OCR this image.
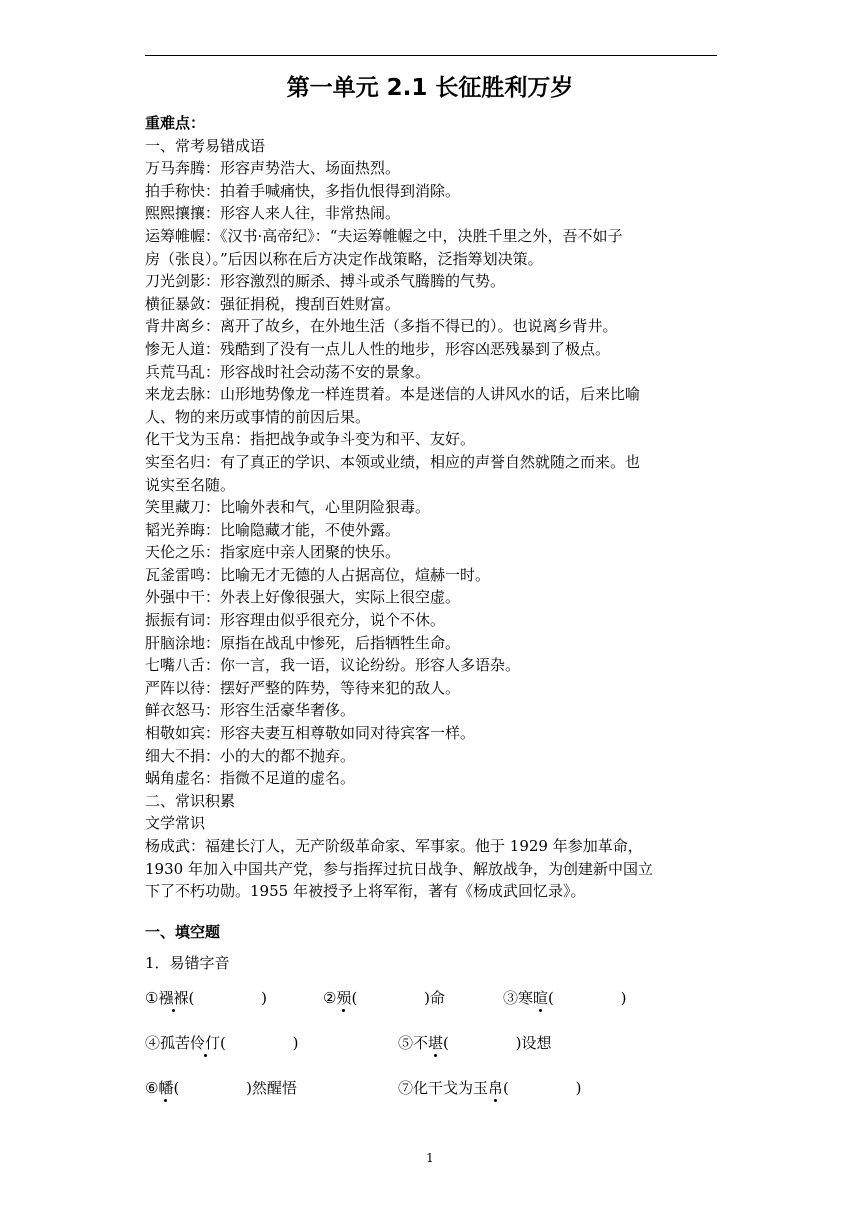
第一单元 2.1 长征胜利万岁
重难点：
一、常考易错成语
万马奔腾：形容声势浩大、场面热烈。
拍手称快：拍着手喊痛快，多指仇恨得到消除。
熙熙攘攘：形容人来人往，非常热闹。
运筹帷幄：《汉书·高帝纪》：“夫运筹帷幄之中，决胜千里之外，吾不如子
房（张良）。”后因以称在后方决定作战策略，泛指筹划决策。
刀光剑影：形容激烈的厮杀、搏斗或杀气腾腾的气势。
横征暴敛：强征捐税，搜刮百姓财富。
背井离乡：离开了故乡，在外地生活（多指不得已的）。也说离乡背井。
惨无人道：残酷到了没有一点儿人性的地步，形容凶恶残暴到了极点。
兵荒马乱：形容战时社会动荡不安的景象。
来龙去脉：山形地势像龙一样连贯着。本是迷信的人讲风水的话，后来比喻
人、物的来历或事情的前因后果。
化干戈为玉帛：指把战争或争斗变为和平、友好。
实至名归：有了真正的学识、本领或业绩，相应的声誉自然就随之而来。也
说实至名随。
笑里藏刀：比喻外表和气，心里阴险狠毒。
韬光养晦：比喻隐藏才能，不使外露。
天伦之乐：指家庭中亲人团聚的快乐。
瓦釜雷鸣：比喻无才无德的人占据高位，煊赫一时。
外强中干：外表上好像很强大，实际上很空虚。
振振有词：形容理由似乎很充分，说个不休。
肝脑涂地：原指在战乱中惨死，后指牺牲生命。
七嘴八舌：你一言，我一语，议论纷纷。形容人多语杂。
严阵以待：摆好严整的阵势，等待来犯的敌人。
鲜衣怒马：形容生活豪华奢侈。
相敬如宾：形容夫妻互相尊敬如同对待宾客一样。
细大不捐：小的大的都不抛弃。
蜗角虚名：指微不足道的虚名。
二、常识积累
文学常识
杨成武：福建长汀人，无产阶级革命家、军事家。他于 1929 年参加革命，
1930 年加入中国共产党，参与指挥过抗日战争、解放战争，为创建新中国立
下了不朽功勋。1955 年被授予上将军衔，著有《杨成武回忆录》。
一、填空题
1．易错字音
①襁褓(              )	②殒(              )命	③寒暄(              )
④孤苦伶仃(              )	⑤不堪(              )设想
⑥幡(              )然醒悟	⑦化干戈为玉帛(              )
1
